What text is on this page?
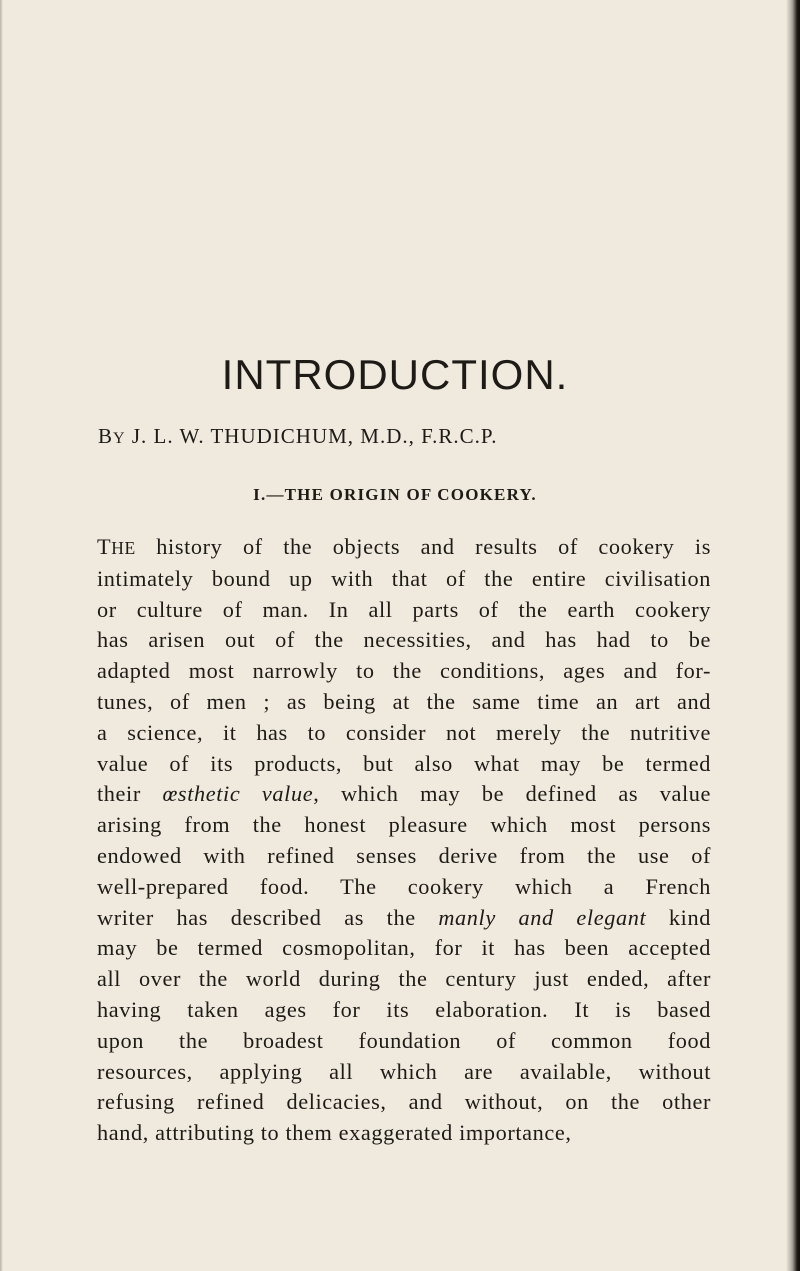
INTRODUCTION.

BY J. L. W. THUDICHUM, M.D., F.R.C.P.

I.—THE ORIGIN OF COOKERY.
THE history of the objects and results of cookery is
intimately bound up with that of the entire civilisation
or culture of man. In all parts of the earth cookery
has arisen out of the necessities, and has had to be
adapted most narrowly to the conditions, ages and for-
tunes, of men ; as being at the same time an art and
a science, it has to consider not merely the nutritive
value of its products, but also what may be termed
their œsthetic value, which may be defined as value
arising from the honest pleasure which most persons
endowed with refined senses derive from the use of
well-prepared food. The cookery which a French
writer has described as the manly and elegant kind
may be termed cosmopolitan, for it has been accepted
all over the world during the century just ended, after
having taken ages for its elaboration. It is based
upon the broadest foundation of common food
resources, applying all which are available, without
refusing refined delicacies, and without, on the other
hand, attributing to them exaggerated importance,
